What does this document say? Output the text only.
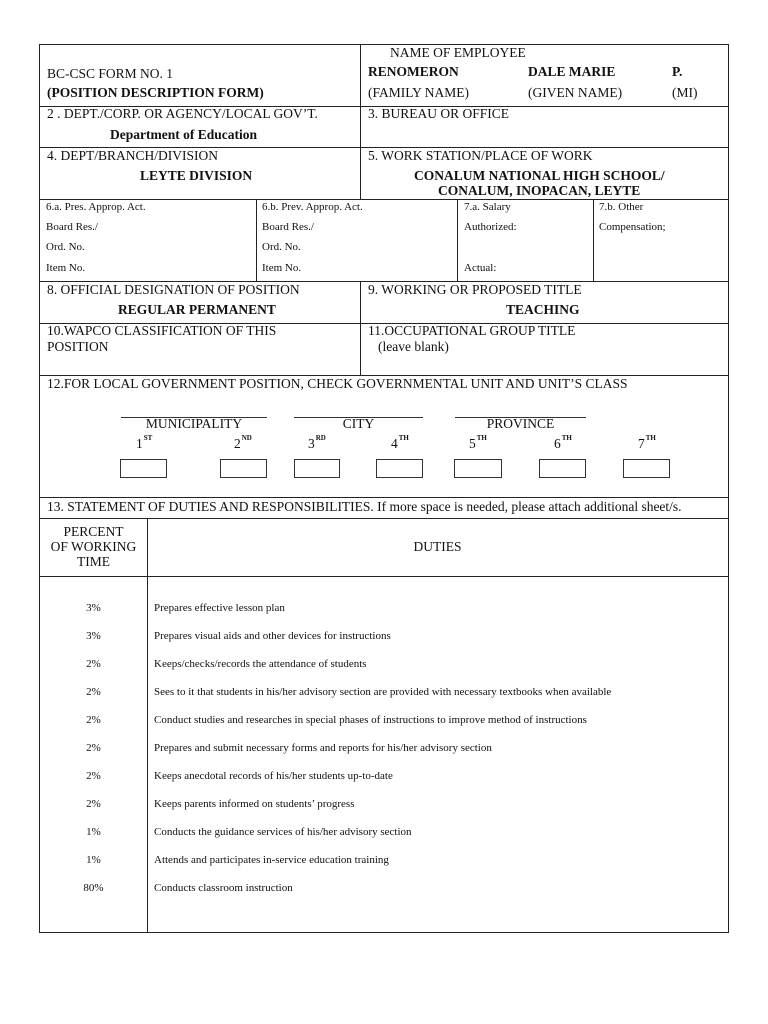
BC-CSC FORM NO. 1
(POSITION DESCRIPTION FORM)
NAME OF EMPLOYEE
RENOMERON	DALE MARIE	P.
(FAMILY NAME)	(GIVEN NAME)	(MI)
2 . DEPT./CORP. OR AGENCY/LOCAL GOV’T.
Department of Education
3. BUREAU OR OFFICE
4. DEPT/BRANCH/DIVISION
LEYTE DIVISION
5. WORK STATION/PLACE OF WORK
CONALUM NATIONAL HIGH SCHOOL/
CONALUM, INOPACAN, LEYTE
6.a. Pres. Approp. Act.
Board Res./
Ord. No.
Item No.
6.b. Prev. Approp. Act.
Board Res./
Ord. No.
Item No.
7.a. Salary
Authorized:
Actual:
7.b. Other
Compensation;
8. OFFICIAL DESIGNATION OF POSITION
REGULAR PERMANENT
9. WORKING OR PROPOSED TITLE
TEACHING
10.WAPCO CLASSIFICATION OF THIS
POSITION
11.OCCUPATIONAL GROUP TITLE
(leave blank)
12.FOR LOCAL GOVERNMENT POSITION, CHECK GOVERNMENTAL UNIT AND UNIT’S CLASS
MUNICIPALITY	CITY	PROVINCE
1ST	2ND	3RD	4TH	5TH	6TH	7TH
13. STATEMENT OF DUTIES AND RESPONSIBILITIES. If more space is needed, please attach additional sheet/s.
PERCENT
OF WORKING
TIME
DUTIES
3%	Prepares effective lesson plan
3%	Prepares visual aids and other devices for instructions
2%	Keeps/checks/records the attendance of students
2%	Sees to it that students in his/her advisory section are provided with necessary textbooks when available
2%	Conduct studies and researches in special phases of instructions to improve method of instructions
2%	Prepares and submit necessary forms and reports for his/her advisory section
2%	Keeps anecdotal records of his/her students up-to-date
2%	Keeps parents informed on students’ progress
1%	Conducts the guidance services of his/her advisory section
1%	Attends and participates in-service education training
80%	Conducts classroom instruction
